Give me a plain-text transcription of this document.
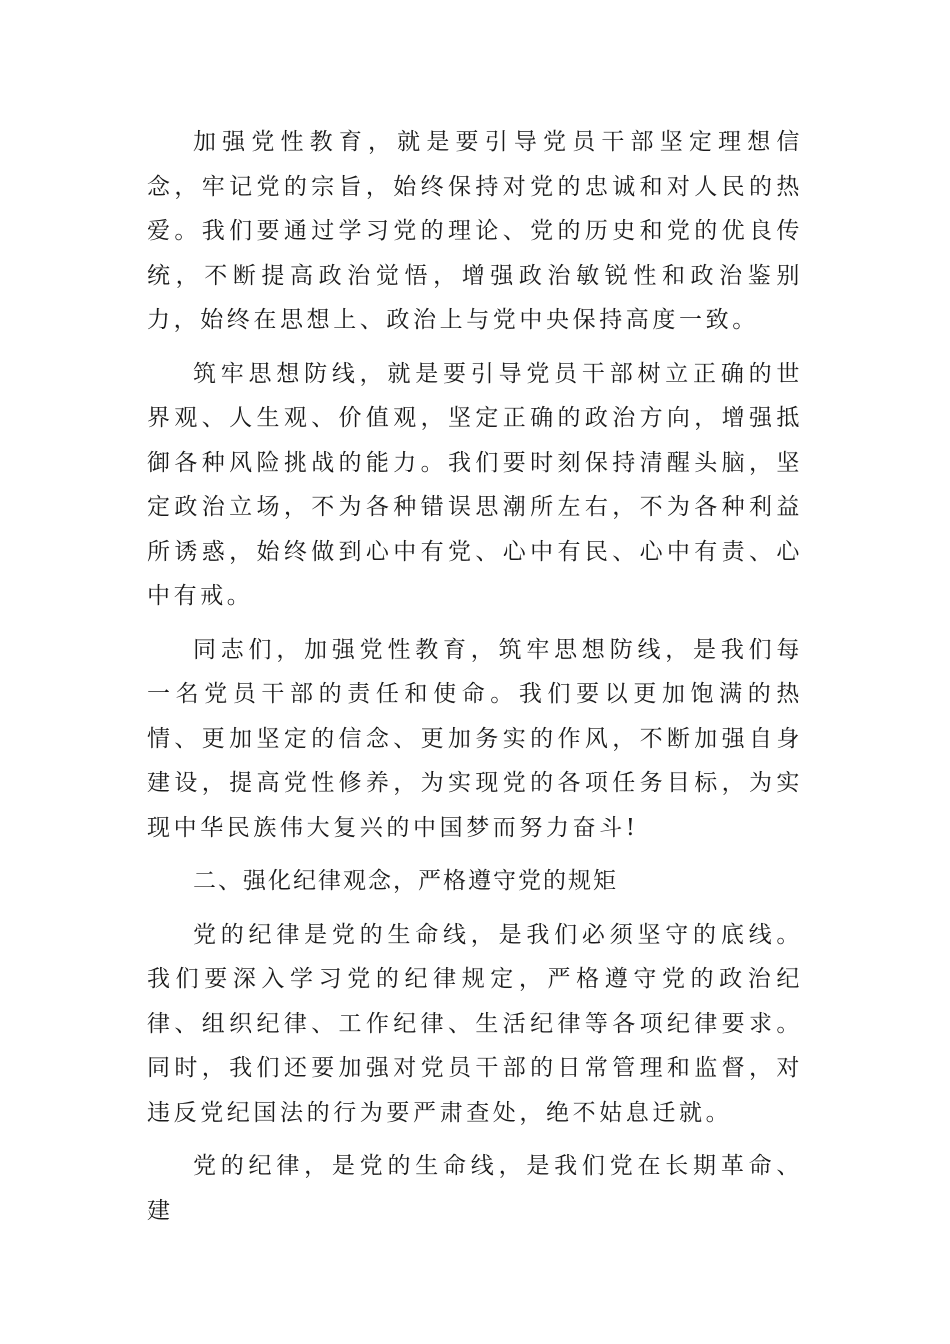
加强党性教育，就是要引导党员干部坚定理想信念，牢记党的宗旨，始终保持对党的忠诚和对人民的热爱。我们要通过学习党的理论、党的历史和党的优良传统，不断提高政治觉悟，增强政治敏锐性和政治鉴别力，始终在思想上、政治上与党中央保持高度一致。

筑牢思想防线，就是要引导党员干部树立正确的世界观、人生观、价值观，坚定正确的政治方向，增强抵御各种风险挑战的能力。我们要时刻保持清醒头脑，坚定政治立场，不为各种错误思潮所左右，不为各种利益所诱惑，始终做到心中有党、心中有民、心中有责、心中有戒。

同志们，加强党性教育，筑牢思想防线，是我们每一名党员干部的责任和使命。我们要以更加饱满的热情、更加坚定的信念、更加务实的作风，不断加强自身建设，提高党性修养，为实现党的各项任务目标，为实现中华民族伟大复兴的中国梦而努力奋斗!

二、强化纪律观念，严格遵守党的规矩

党的纪律是党的生命线，是我们必须坚守的底线。我们要深入学习党的纪律规定，严格遵守党的政治纪律、组织纪律、工作纪律、生活纪律等各项纪律要求。同时，我们还要加强对党员干部的日常管理和监督，对违反党纪国法的行为要严肃查处，绝不姑息迁就。

党的纪律，是党的生命线，是我们党在长期革命、建
